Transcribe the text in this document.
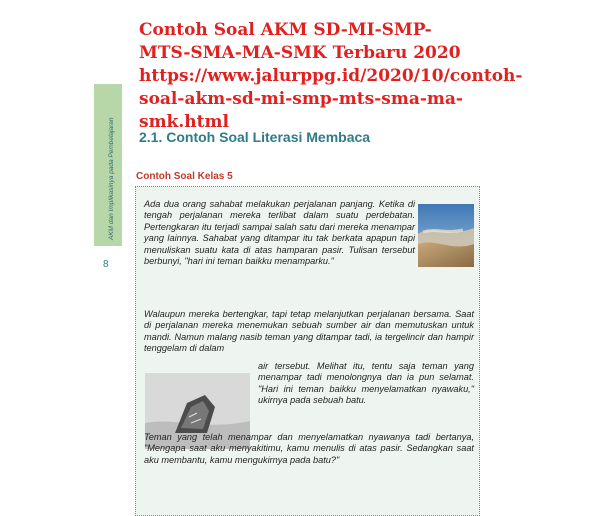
AKM dan Implikasinya pada Pembelajaran
8
Contoh Soal AKM SD-MI-SMP-MTS-SMA-MA-SMK Terbaru 2020 https://www.jalurppg.id/2020/10/contoh-soal-akm-sd-mi-smp-mts-sma-ma-smk.html
2.1. Contoh Soal Literasi Membaca
Contoh Soal Kelas 5

Ada dua orang sahabat melakukan perjalanan panjang. Ketika di tengah perjalanan mereka terlibat dalam suatu perdebatan. Pertengkaran itu terjadi sampai salah satu dari mereka menampar yang lainnya. Sahabat yang ditampar itu tak berkata apapun tapi menuliskan suatu kata di atas hamparan pasir. Tulisan tersebut berbunyi, "hari ini teman baikku menamparku."

Walaupun mereka bertengkar, tapi tetap melanjutkan perjalanan bersama. Saat di perjalanan mereka menemukan sebuah sumber air dan memutuskan untuk mandi. Namun malang nasib teman yang ditampar tadi, ia tergelincir dan hampir tenggelam di dalam

air tersebut. Melihat itu, tentu saja teman yang menampar tadi menolongnya dan ia pun selamat. "Hari ini teman baikku menyelamatkan nyawaku," ukirnya pada sebuah batu.

Teman yang telah menampar dan menyelamatkan nyawanya tadi bertanya, "Mengapa saat aku menyakitimu, kamu menulis di atas pasir. Sedangkan saat aku membantu, kamu mengukirnya pada batu?"
